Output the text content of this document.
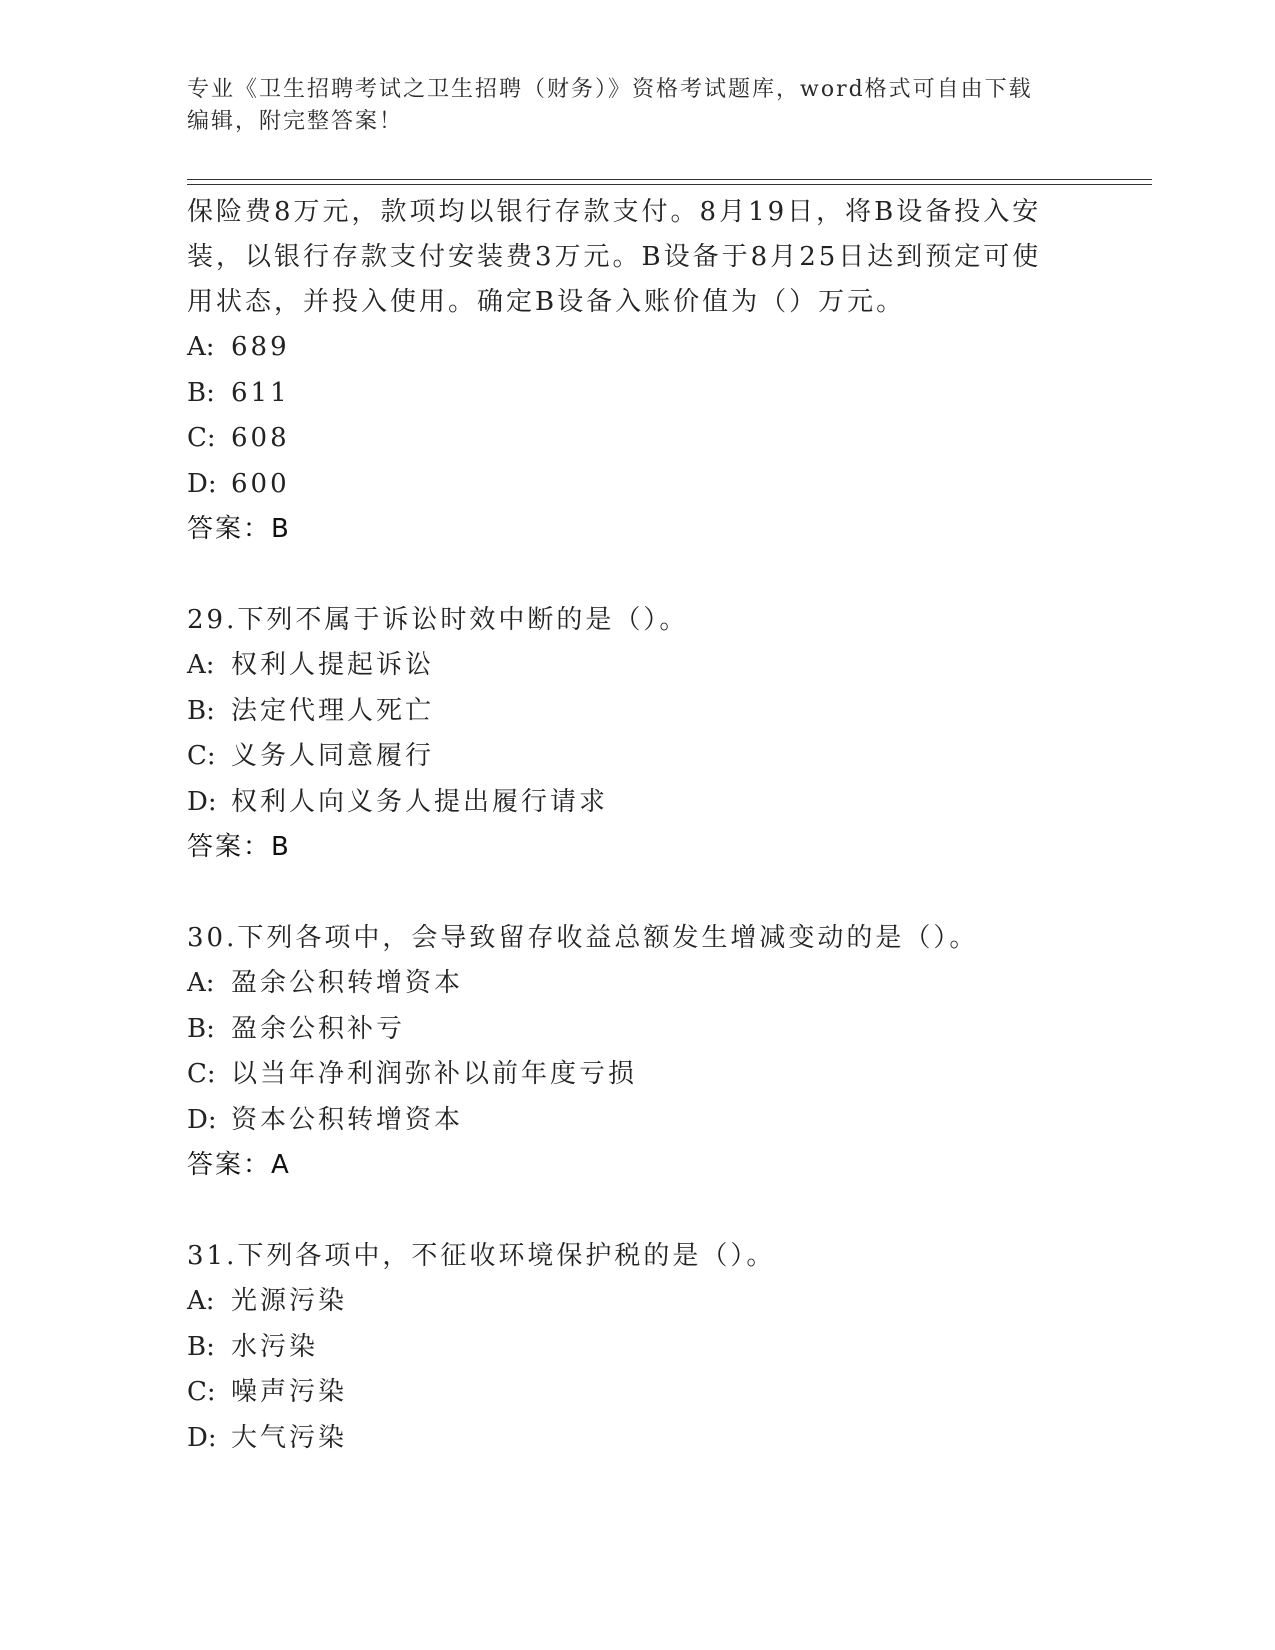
专业《卫生招聘考试之卫生招聘（财务）》资格考试题库，word格式可自由下载
编辑，附完整答案！

保险费8万元，款项均以银行存款支付。8月19日，将B设备投入安

装，以银行存款支付安装费3万元。B设备于8月25日达到预定可使

用状态，并投入使用。确定B设备入账价值为（）万元。

A: 689

B: 611

C: 608

D: 600

答案：B

29.下列不属于诉讼时效中断的是（）。

A: 权利人提起诉讼

B: 法定代理人死亡

C: 义务人同意履行

D: 权利人向义务人提出履行请求

答案：B

30.下列各项中，会导致留存收益总额发生增减变动的是（）。

A: 盈余公积转增资本

B: 盈余公积补亏

C: 以当年净利润弥补以前年度亏损

D: 资本公积转增资本

答案：A

31.下列各项中，不征收环境保护税的是（）。

A: 光源污染

B: 水污染

C: 噪声污染

D: 大气污染
